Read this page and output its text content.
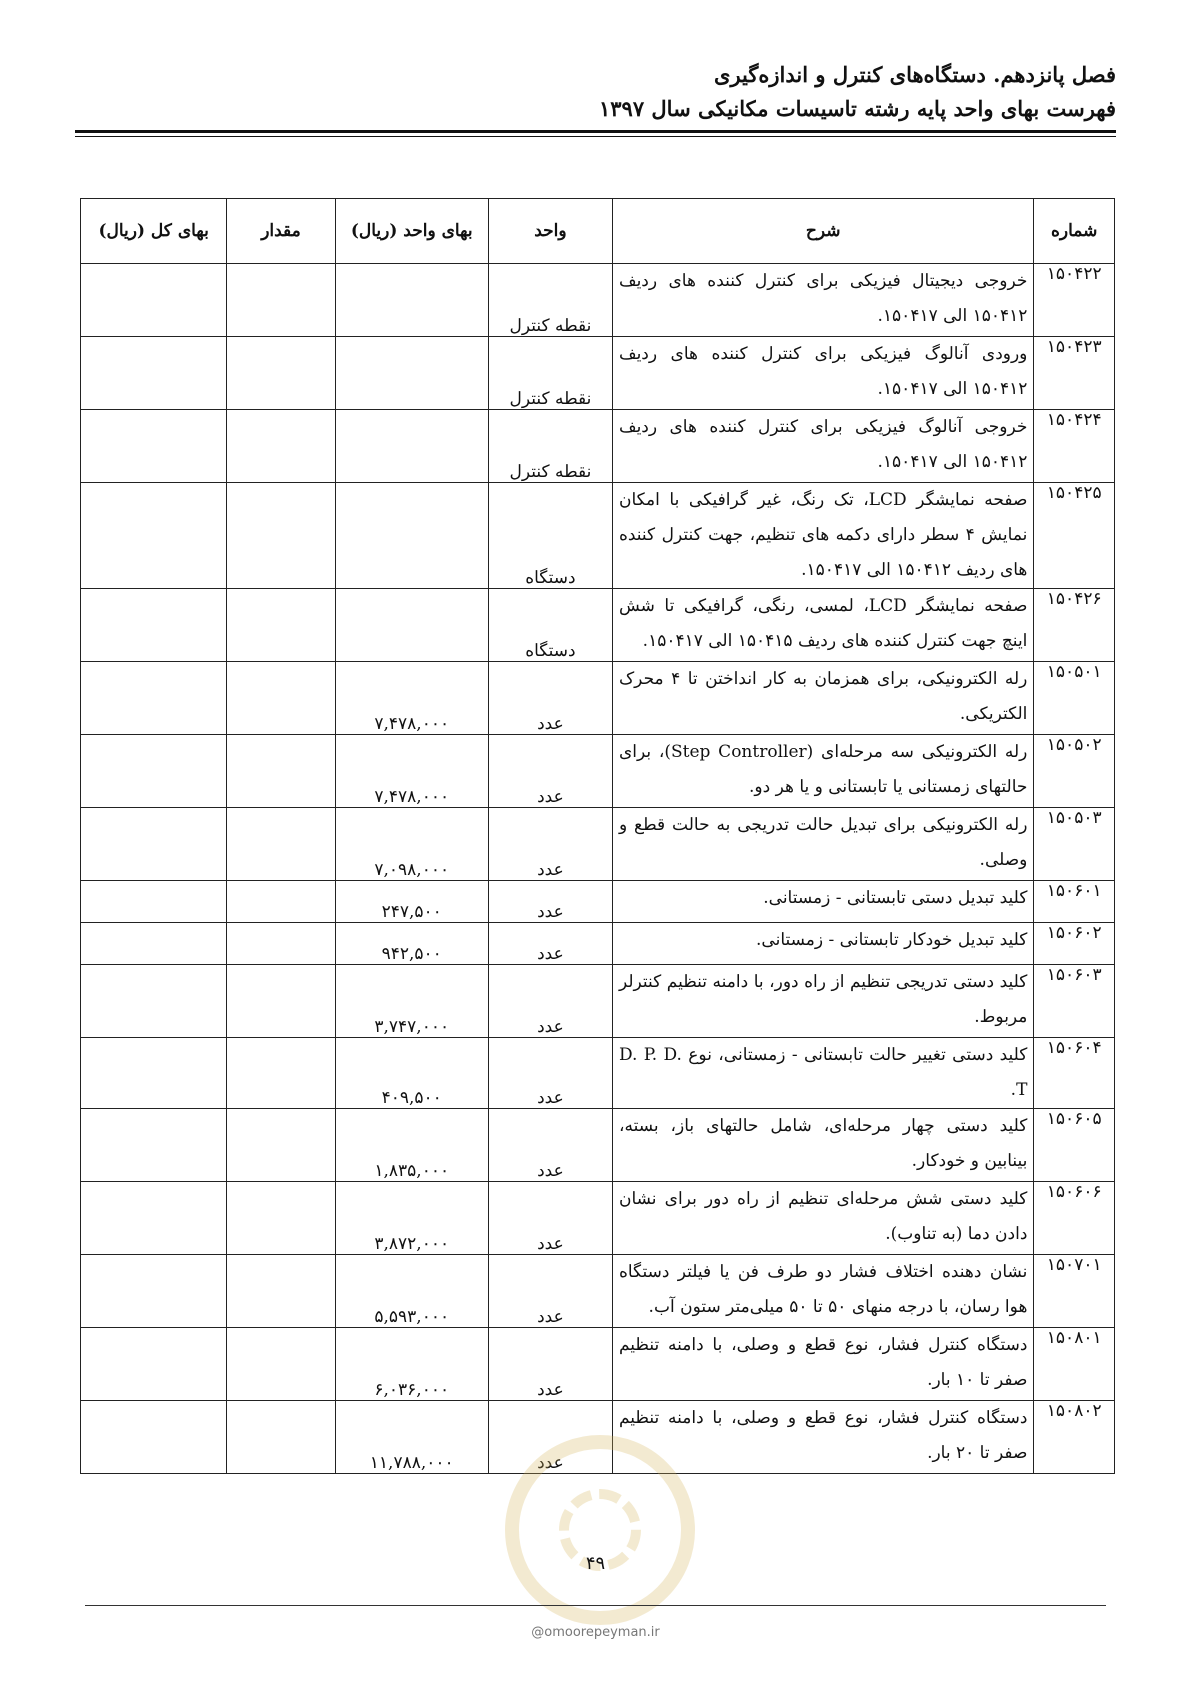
فصل پانزدهم. دستگاه‌های کنترل و اندازه‌گیری
فهرست بهای واحد پایه رشته تاسیسات مکانیکی سال ۱۳۹۷
شماره	شرح	واحد	بهای واحد (ریال)	مقدار	بهای کل (ریال)
۱۵۰۴۲۲	خروجی دیجیتال فیزیکی برای کنترل کننده های ردیف ۱۵۰۴۱۲ الی ۱۵۰۴۱۷.	نقطه کنترل			
۱۵۰۴۲۳	ورودی آنالوگ فیزیکی برای کنترل کننده های ردیف ۱۵۰۴۱۲ الی ۱۵۰۴۱۷.	نقطه کنترل			
۱۵۰۴۲۴	خروجی آنالوگ فیزیکی برای کنترل کننده های ردیف ۱۵۰۴۱۲ الی ۱۵۰۴۱۷.	نقطه کنترل			
۱۵۰۴۲۵	صفحه نمایشگر LCD، تک رنگ، غیر گرافیکی با امکان نمایش ۴ سطر دارای دکمه های تنظیم، جهت کنترل کننده های ردیف ۱۵۰۴۱۲ الی ۱۵۰۴۱۷.	دستگاه			
۱۵۰۴۲۶	صفحه نمایشگر LCD، لمسی، رنگی، گرافیکی تا شش اینچ جهت کنترل کننده های ردیف ۱۵۰۴۱۵ الی ۱۵۰۴۱۷.	دستگاه			
۱۵۰۵۰۱	رله الکترونیکی، برای همزمان به کار انداختن تا ۴ محرک الکتریکی.	عدد	۷,۴۷۸,۰۰۰		
۱۵۰۵۰۲	رله الکترونیکی سه مرحله‌ای (Step Controller)، برای حالتهای زمستانی یا تابستانی و یا هر دو.	عدد	۷,۴۷۸,۰۰۰		
۱۵۰۵۰۳	رله الکترونیکی برای تبدیل حالت تدریجی به حالت قطع و وصلی.	عدد	۷,۰۹۸,۰۰۰		
۱۵۰۶۰۱	کلید تبدیل دستی تابستانی - زمستانی.	عدد	۲۴۷,۵۰۰		
۱۵۰۶۰۲	کلید تبدیل خودکار تابستانی - زمستانی.	عدد	۹۴۲,۵۰۰		
۱۵۰۶۰۳	کلید دستی تدریجی تنظیم از راه دور، با دامنه تنظیم کنترلر مربوط.	عدد	۳,۷۴۷,۰۰۰		
۱۵۰۶۰۴	کلید دستی تغییر حالت تابستانی - زمستانی، نوع D. P. D. T.	عدد	۴۰۹,۵۰۰		
۱۵۰۶۰۵	کلید دستی چهار مرحله‌ای، شامل حالتهای باز، بسته، بینابین و خودکار.	عدد	۱,۸۳۵,۰۰۰		
۱۵۰۶۰۶	کلید دستی شش مرحله‌ای تنظیم از راه دور برای نشان دادن دما (به تناوب).	عدد	۳,۸۷۲,۰۰۰		
۱۵۰۷۰۱	نشان دهنده اختلاف فشار دو طرف فن یا فیلتر دستگاه هوا رسان، با درجه منهای ۵۰ تا ۵۰ میلی‌متر ستون آب.	عدد	۵,۵۹۳,۰۰۰		
۱۵۰۸۰۱	دستگاه کنترل فشار، نوع قطع و وصلی، با دامنه تنظیم صفر تا ۱۰ بار.	عدد	۶,۰۳۶,۰۰۰		
۱۵۰۸۰۲	دستگاه کنترل فشار، نوع قطع و وصلی، با دامنه تنظیم صفر تا ۲۰ بار.	عدد	۱۱,۷۸۸,۰۰۰		
۴۹
@omoorepeyman.ir
